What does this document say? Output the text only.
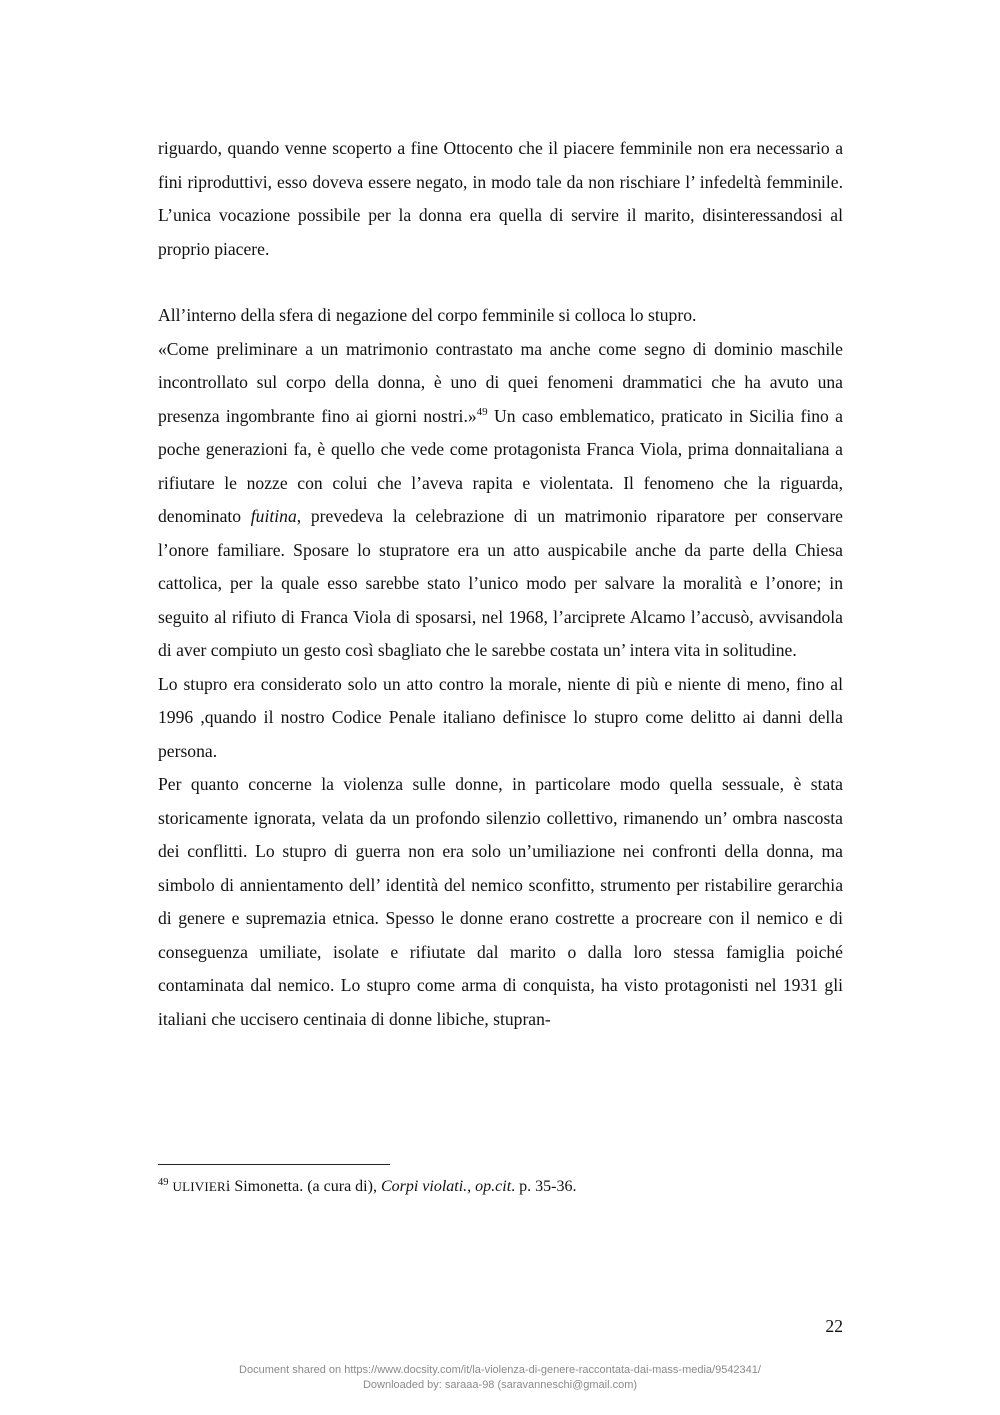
riguardo, quando venne scoperto a fine Ottocento che il piacere femminile non era necessario a fini riproduttivi, esso doveva essere negato, in modo tale da non rischiare l’ infedeltà femminile. L’unica vocazione possibile per la donna era quella di servire il marito, disinteressandosi al proprio piacere.

All’interno della sfera di negazione del corpo femminile si colloca lo stupro.

«Come preliminare a un matrimonio contrastato ma anche come segno di dominio maschile incontrollato sul corpo della donna, è uno di quei fenomeni drammatici che ha avuto una presenza ingombrante fino ai giorni nostri.»$^{49}$ Un caso emblematico, praticato in Sicilia fino a poche generazioni fa, è quello che vede come protagonista Franca Viola, prima donnaitaliana a rifiutare le nozze con colui che l’aveva rapita e violentata. Il fenomeno che la riguarda, denominato fuitina, prevedeva la celebrazione di un matrimonio riparatore per conservare l’onore familiare. Sposare lo stupratore era un atto auspicabile anche da parte della Chiesa cattolica, per la quale esso sarebbe stato l’unico modo per salvare la moralità e l’onore; in seguito al rifiuto di Franca Viola di sposarsi, nel 1968, l’arciprete Alcamo l’accusò, avvisandola di aver compiuto un gesto così sbagliato che le sarebbe costata un’ intera vita in solitudine.

Lo stupro era considerato solo un atto contro la morale, niente di più e niente di meno, fino al 1996 ,quando il nostro Codice Penale italiano definisce lo stupro come delitto ai danni della persona.

Per quanto concerne la violenza sulle donne, in particolare modo quella sessuale, è stata storicamente ignorata, velata da un profondo silenzio collettivo, rimanendo un’ ombra nascosta dei conflitti. Lo stupro di guerra non era solo un’umiliazione nei confronti della donna, ma simbolo di annientamento dell’ identità del nemico sconfitto, strumento per ristabilire gerarchia di genere e supremazia etnica. Spesso le donne erano costrette a procreare con il nemico e di conseguenza umiliate, isolate e rifiutate dal marito o dalla loro stessa famiglia poiché contaminata dal nemico. Lo stupro come arma di conquista, ha visto protagonisti nel 1931 gli italiani che uccisero centinaia di donne libiche, stupran-

$^{49}$ ULIVIERi Simonetta. (a cura di), Corpi violati., op.cit. p. 35-36.
22
Document shared on https://www.docsity.com/it/la-violenza-di-genere-raccontata-dai-mass-media/9542341/
Downloaded by: saraaa-98 (saravanneschi@gmail.com)
